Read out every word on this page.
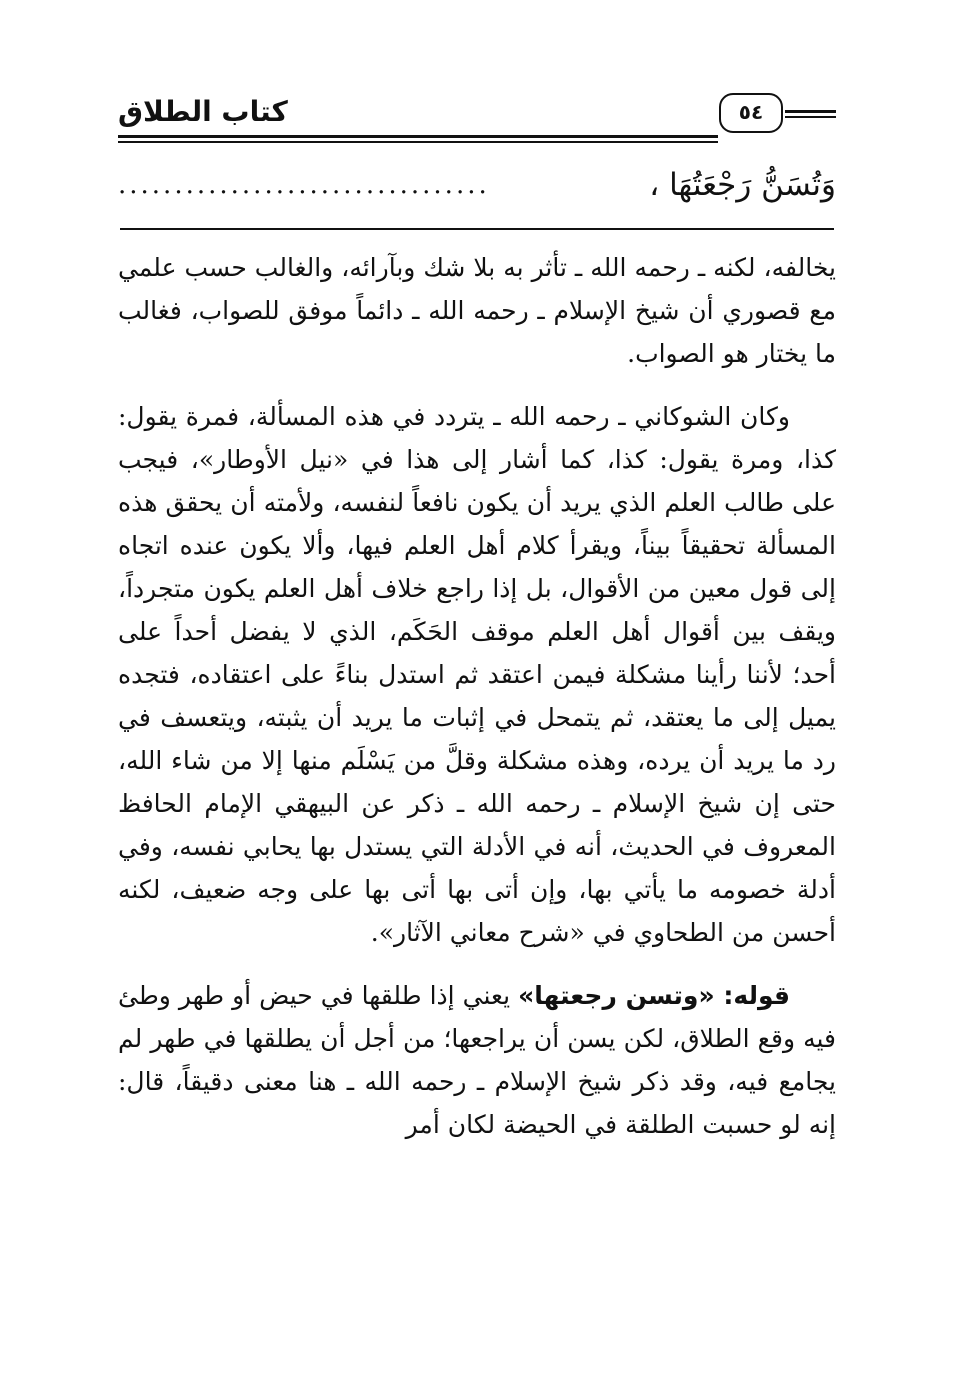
كتاب الطلاق	٥٤
وَتُسَنُّ رَجْعَتُهَا ،
.................................

يخالفه، لكنه ـ رحمه الله ـ تأثر به بلا شك وبآرائه، والغالب حسب علمي مع قصوري أن شيخ الإسلام ـ رحمه الله ـ دائماً موفق للصواب، فغالب ما يختار هو الصواب.

وكان الشوكاني ـ رحمه الله ـ يتردد في هذه المسألة، فمرة يقول: كذا، ومرة يقول: كذا، كما أشار إلى هذا في «نيل الأوطار»، فيجب على طالب العلم الذي يريد أن يكون نافعاً لنفسه، ولأمته أن يحقق هذه المسألة تحقيقاً بيناً، ويقرأ كلام أهل العلم فيها، وألا يكون عنده اتجاه إلى قول معين من الأقوال، بل إذا راجع خلاف أهل العلم يكون متجرداً، ويقف بين أقوال أهل العلم موقف الحَكَم، الذي لا يفضل أحداً على أحد؛ لأننا رأينا مشكلة فيمن اعتقد ثم استدل بناءً على اعتقاده، فتجده يميل إلى ما يعتقد، ثم يتمحل في إثبات ما يريد أن يثبته، ويتعسف في رد ما يريد أن يرده، وهذه مشكلة وقلَّ من يَسْلَم منها إلا من شاء الله، حتى إن شيخ الإسلام ـ رحمه الله ـ ذكر عن البيهقي الإمام الحافظ المعروف في الحديث، أنه في الأدلة التي يستدل بها يحابي نفسه، وفي أدلة خصومه ما يأتي بها، وإن أتى بها أتى بها على وجه ضعيف، لكنه أحسن من الطحاوي في «شرح معاني الآثار».

قوله: «وتسن رجعتها» يعني إذا طلقها في حيض أو طهر وطئ فيه وقع الطلاق، لكن يسن أن يراجعها؛ من أجل أن يطلقها في طهر لم يجامع فيه، وقد ذكر شيخ الإسلام ـ رحمه الله ـ هنا معنى دقيقاً، قال: إنه لو حسبت الطلقة في الحيضة لكان أمر
